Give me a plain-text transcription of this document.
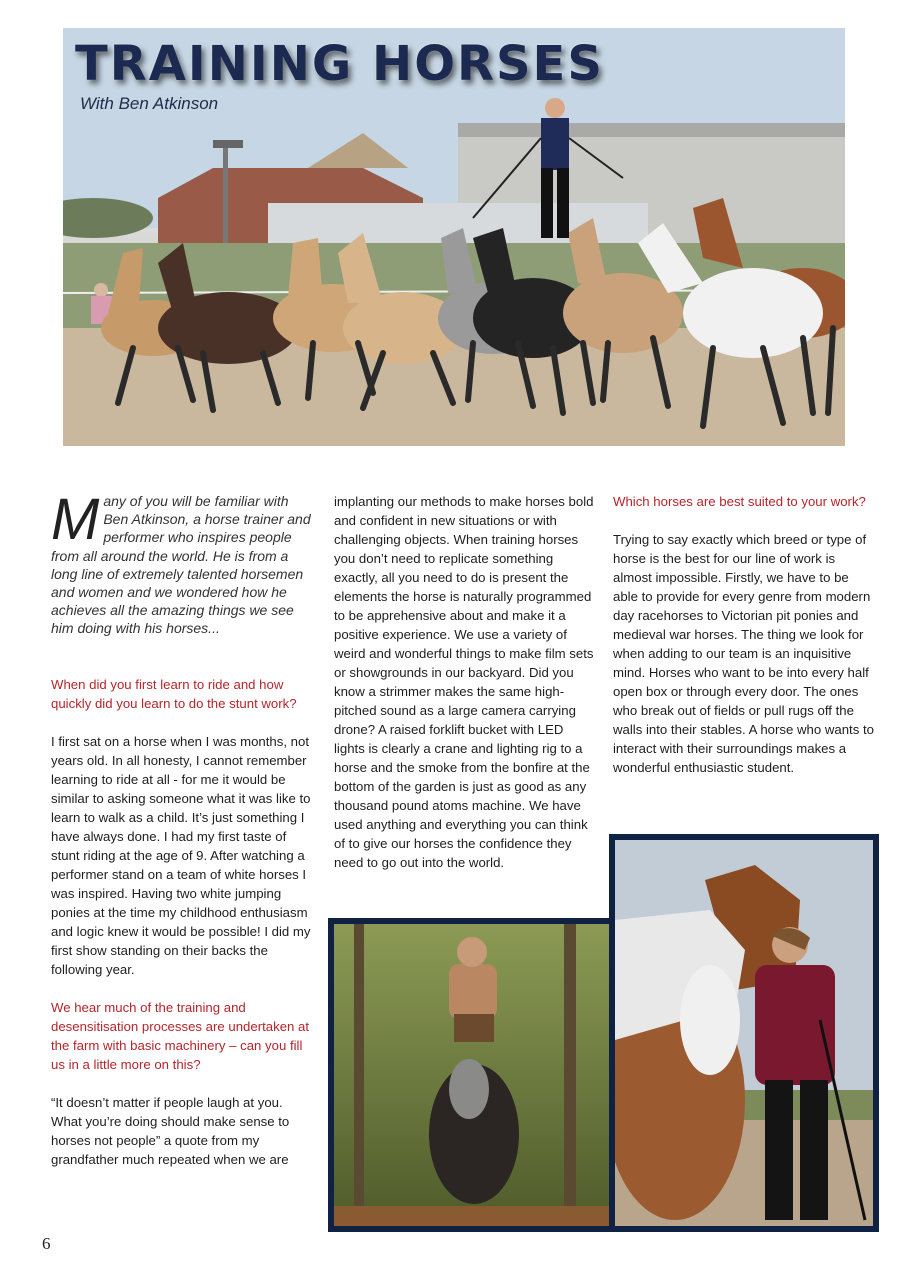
TRAINING HORSES
With Ben Atkinson
Many of you will be familiar with Ben Atkinson, a horse trainer and performer who inspires people from all around the world. He is from a long line of extremely talented horsemen and women and we wondered how he achieves all the amazing things we see him doing with his horses...

When did you first learn to ride and how quickly did you learn to do the stunt work?

I first sat on a horse when I was months, not years old. In all honesty, I cannot remember learning to ride at all - for me it would be similar to asking someone what it was like to learn to walk as a child. It’s just something I have always done. I had my first taste of stunt riding at the age of 9. After watching a performer stand on a team of white horses I was inspired. Having two white jumping ponies at the time my childhood enthusiasm and logic knew it would be possible! I did my first show standing on their backs the following year.

We hear much of the training and desensitisation processes are undertaken at the farm with basic machinery – can you fill us in a little more on this?

“It doesn’t matter if people laugh at you. What you’re doing should make sense to horses not people” a quote from my grandfather much repeated when we are

implanting our methods to make horses bold and confident in new situations or with challenging objects. When training horses you don’t need to replicate something exactly, all you need to do is present the elements the horse is naturally programmed to be apprehensive about and make it a positive experience. We use a variety of weird and wonderful things to make film sets or showgrounds in our backyard. Did you know a strimmer makes the same high-pitched sound as a large camera carrying drone? A raised forklift bucket with LED lights is clearly a crane and lighting rig to a horse and the smoke from the bonfire at the bottom of the garden is just as good as any thousand pound atoms machine. We have used anything and everything you can think of to give our horses the confidence they need to go out into the world.

Which horses are best suited to your work?

Trying to say exactly which breed or type of horse is the best for our line of work is almost impossible. Firstly, we have to be able to provide for every genre from modern day racehorses to Victorian pit ponies and medieval war horses. The thing we look for when adding to our team is an inquisitive mind. Horses who want to be into every half open box or through every door. The ones who break out of fields or pull rugs off the walls into their stables. A horse who wants to interact with their surroundings makes a wonderful enthusiastic student.

6
